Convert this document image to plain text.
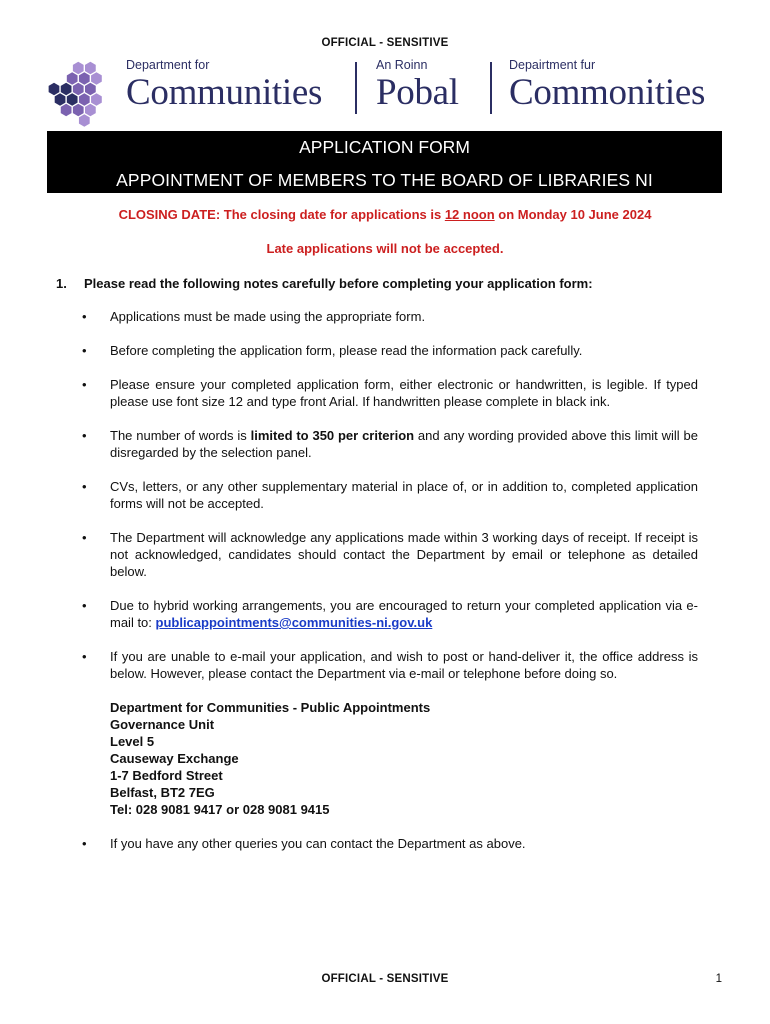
OFFICIAL - SENSITIVE
Department for
Communities
An Roinn
Pobal
Depairtment fur
Commonities
APPLICATION FORM
APPOINTMENT OF MEMBERS TO THE BOARD OF LIBRARIES NI
CLOSING DATE: The closing date for applications is 12 noon on Monday 10 June 2024
Late applications will not be accepted.
1. Please read the following notes carefully before completing your application form:
• Applications must be made using the appropriate form.
• Before completing the application form, please read the information pack carefully.
• Please ensure your completed application form, either electronic or handwritten, is legible. If typed please use font size 12 and type front Arial. If handwritten please complete in black ink.
• The number of words is limited to 350 per criterion and any wording provided above this limit will be disregarded by the selection panel.
• CVs, letters, or any other supplementary material in place of, or in addition to, completed application forms will not be accepted.
• The Department will acknowledge any applications made within 3 working days of receipt. If receipt is not acknowledged, candidates should contact the Department by email or telephone as detailed below.
• Due to hybrid working arrangements, you are encouraged to return your completed application via e-mail to: publicappointments@communities-ni.gov.uk
• If you are unable to e-mail your application, and wish to post or hand-deliver it, the office address is below. However, please contact the Department via e-mail or telephone before doing so.
Department for Communities - Public Appointments
Governance Unit
Level 5
Causeway Exchange
1-7 Bedford Street
Belfast, BT2 7EG
Tel: 028 9081 9417 or 028 9081 9415
• If you have any other queries you can contact the Department as above.
OFFICIAL - SENSITIVE	1
